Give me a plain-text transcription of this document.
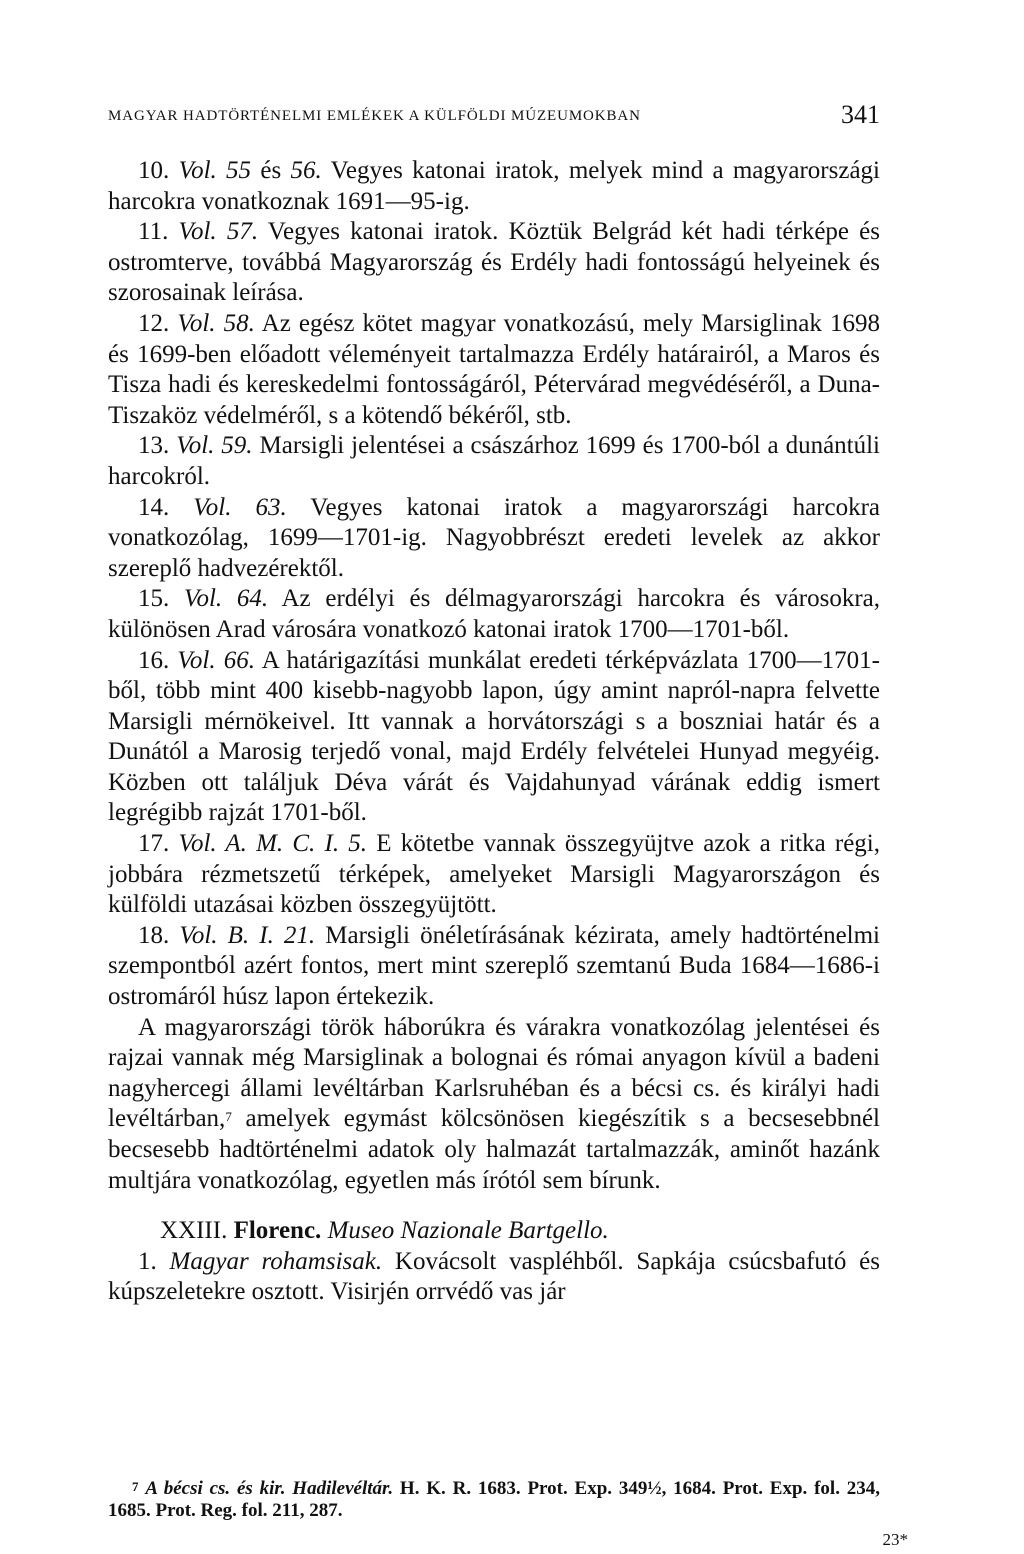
MAGYAR HADTÖRTÉNELMI EMLÉKEK A KÜLFÖLDI MÚZEUMOKBAN	341

10. Vol. 55 és 56. Vegyes katonai iratok, melyek mind a magyarországi harcokra vonatkoznak 1691—95-ig.

11. Vol. 57. Vegyes katonai iratok. Köztük Belgrád két hadi térképe és ostromterve, továbbá Magyarország és Erdély hadi fontosságú helyeinek és szorosainak leírása.

12. Vol. 58. Az egész kötet magyar vonatkozású, mely Marsiglinak 1698 és 1699-ben előadott véleményeit tartalmazza Erdély határairól, a Maros és Tisza hadi és kereskedelmi fontosságáról, Pétervárad megvédéséről, a Duna-Tiszaköz védelméről, s a kötendő békéről, stb.

13. Vol. 59. Marsigli jelentései a császárhoz 1699 és 1700-ból a dunántúli harcokról.

14. Vol. 63. Vegyes katonai iratok a magyarországi harcokra vonatkozólag, 1699—1701-ig. Nagyobbrészt eredeti levelek az akkor szereplő hadvezérektől.

15. Vol. 64. Az erdélyi és délmagyarországi harcokra és városokra, különösen Arad városára vonatkozó katonai iratok 1700—1701-ből.

16. Vol. 66. A határigazítási munkálat eredeti térképvázlata 1700—1701-ből, több mint 400 kisebb-nagyobb lapon, úgy amint napról-napra felvette Marsigli mérnökeivel. Itt vannak a horvátországi s a boszniai határ és a Dunától a Marosig terjedő vonal, majd Erdély felvételei Hunyad megyéig. Közben ott találjuk Déva várát és Vajdahunyad várának eddig ismert legrégibb rajzát 1701-ből.

17. Vol. A. M. C. I. 5. E kötetbe vannak összegyüjtve azok a ritka régi, jobbára rézmetszetű térképek, amelyeket Marsigli Magyarországon és külföldi utazásai közben összegyüjtött.

18. Vol. B. I. 21. Marsigli önéletírásának kézirata, amely hadtörténelmi szempontból azért fontos, mert mint szereplő szemtanú Buda 1684—1686-i ostromáról húsz lapon értekezik.

A magyarországi török háborúkra és várakra vonatkozólag jelentései és rajzai vannak még Marsiglinak a bolognai és római anyagon kívül a badeni nagyhercegi állami levéltárban Karlsruhéban és a bécsi cs. és királyi hadi levéltárban,$^7$ amelyek egymást kölcsönösen kiegészítik s a becsesebbnél becsesebb hadtörténelmi adatok oly halmazát tartalmazzák, aminőt hazánk multjára vonatkozólag, egyetlen más írótól sem bírunk.

XXIII. Florenc. Museo Nazionale Bartgello.

1. Magyar rohamsisak. Kovácsolt vaspléhből. Sapkája csúcsbafutó és kúpszeletekre osztott. Visirjén orrvédő vas jár

$^7$ A bécsi cs. és kir. Hadilevéltár. H. K. R. 1683. Prot. Exp. 349½, 1684. Prot. Exp. fol. 234, 1685. Prot. Reg. fol. 211, 287.

23*
